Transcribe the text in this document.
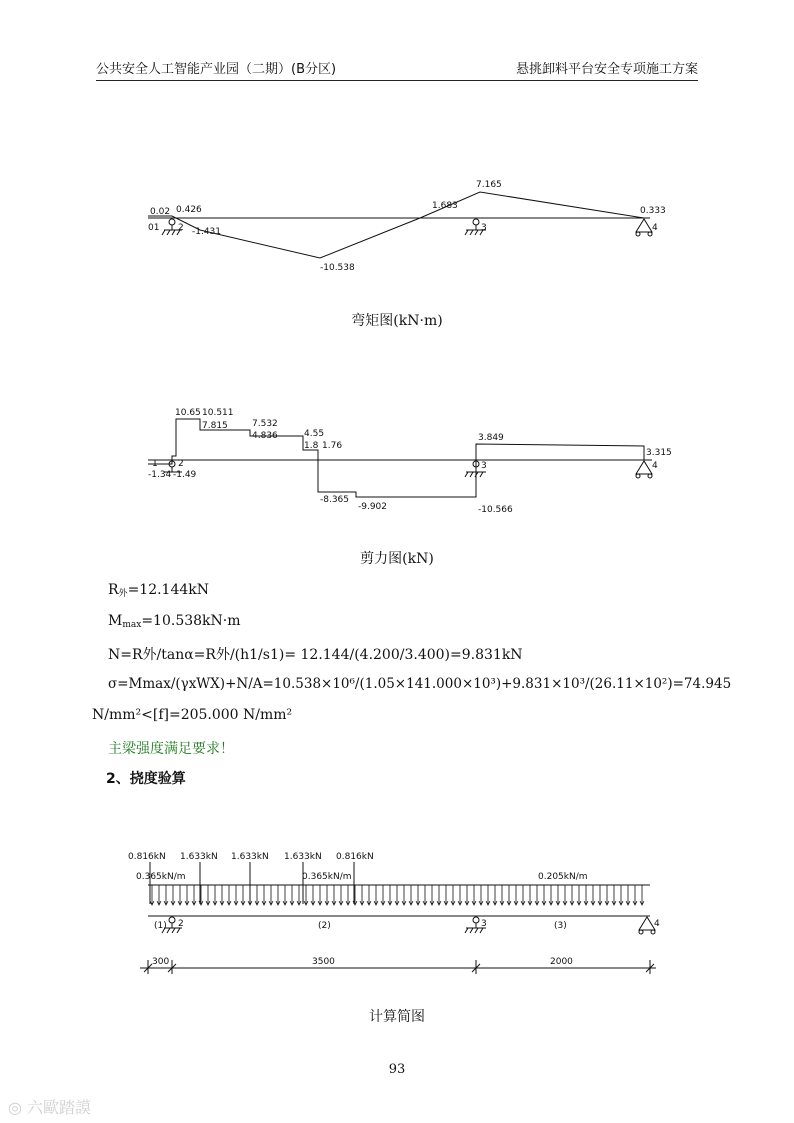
公共安全人工智能产业园（二期）(B分区)	悬挑卸料平台安全专项施工方案
0.02 0.426
-1.431
-10.538
1.683
7.165
0.333
01 2	3	4
弯矩图(kN·m)
10.65 10.511
7.815	7.532
4.836	4.55
1.8 1.76
-8.365
-9.902
3.849
3.315
-10.566
-1.34 -1.49
1 2	3	4
剪力图(kN)
$R_外=12.144kN$
$M_{max}=10.538kN\cdot m$
N=R外/tanα=R外/(h1/s1)= 12.144/(4.200/3.400)=9.831kN
σ=Mmax/(γxWX)+N/A=10.538×10⁶/(1.05×141.000×10³)+9.831×10³/(26.11×10²)=74.945
N/mm²<[f]=205.000 N/mm²
主梁强度满足要求！
2、挠度验算
0.816kN 1.633kN 1.633kN 1.633kN 0.816kN
0.365kN/m	0.365kN/m	0.205kN/m
(1)	(2)	(3)
2	3	4
300	3500	2000
计算简图
93
◎ 六歐踏謨
